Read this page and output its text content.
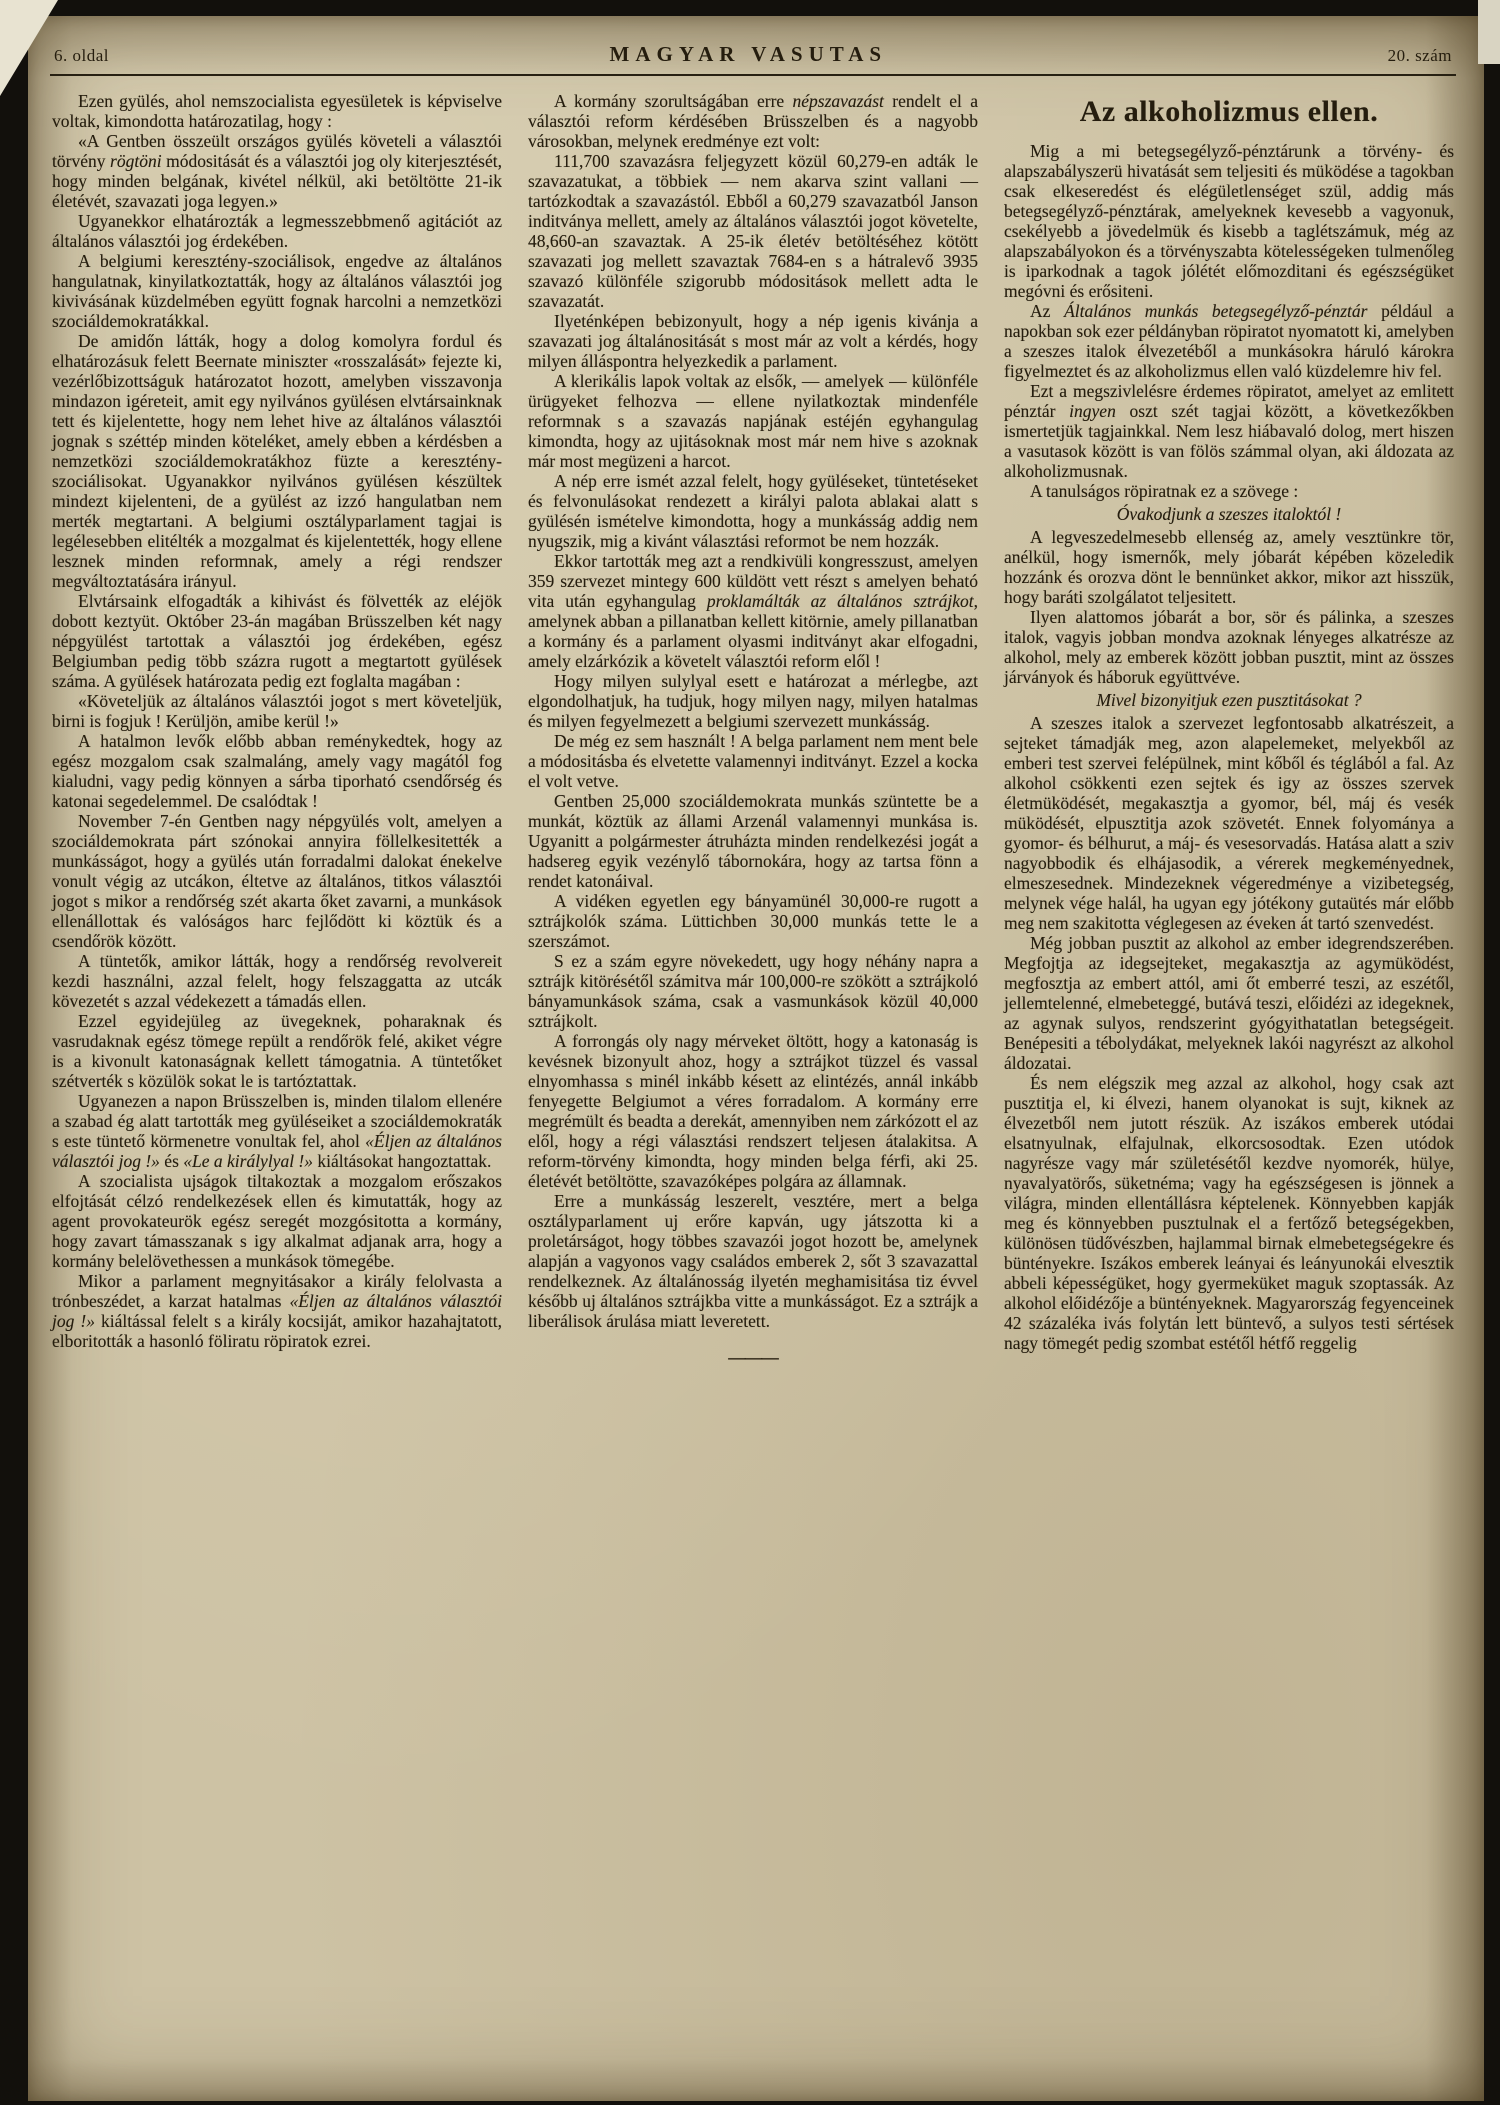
6. oldal	MAGYAR VASUTAS	20. szám

Ezen gyülés, ahol nemszocialista egyesületek is képviselve voltak, kimondotta határozatilag, hogy :

«A Gentben összeült országos gyülés követeli a választói törvény rögtöni módositását és a választói jog oly kiterjesztését, hogy minden belgának, kivétel nélkül, aki betöltötte 21-ik életévét, szavazati joga legyen.»

Ugyanekkor elhatározták a legmesszebbmenő agitációt az általános választói jog érdekében.

A belgiumi keresztény-szociálisok, engedve az általános hangulatnak, kinyilatkoztatták, hogy az általános választói jog kivivásának küzdelmében együtt fognak harcolni a nemzetközi szociáldemokratákkal.

De amidőn látták, hogy a dolog komolyra fordul és elhatározásuk felett Beernate miniszter «rosszalását» fejezte ki, vezérlőbizottságuk határozatot hozott, amelyben visszavonja mindazon igéreteit, amit egy nyilvános gyülésen elvtársainknak tett és kijelentette, hogy nem lehet hive az általános választói jognak s széttép minden köteléket, amely ebben a kérdésben a nemzetközi szociáldemokratákhoz füzte a keresztény-szociálisokat. Ugyanakkor nyilvános gyülésen készültek mindezt kijelenteni, de a gyülést az izzó hangulatban nem merték megtartani. A belgiumi osztályparlament tagjai is legélesebben elitélték a mozgalmat és kijelentették, hogy ellene lesznek minden reformnak, amely a régi rendszer megváltoztatására irányul.

Elvtársaink elfogadták a kihivást és fölvették az eléjök dobott keztyüt. Október 23-án magában Brüsszelben két nagy népgyülést tartottak a választói jog érdekében, egész Belgiumban pedig több százra rugott a megtartott gyülések száma. A gyülések határozata pedig ezt foglalta magában :

«Követeljük az általános választói jogot s mert követeljük, birni is fogjuk ! Kerüljön, amibe kerül !»

A hatalmon levők előbb abban reménykedtek, hogy az egész mozgalom csak szalmaláng, amely vagy magától fog kialudni, vagy pedig könnyen a sárba tiporható csendőrség és katonai segedelemmel. De csalódtak !

November 7-én Gentben nagy népgyülés volt, amelyen a szociáldemokrata párt szónokai annyira föllelkesitették a munkásságot, hogy a gyülés után forradalmi dalokat énekelve vonult végig az utcákon, éltetve az általános, titkos választói jogot s mikor a rendőrség szét akarta őket zavarni, a munkások ellenállottak és valóságos harc fejlődött ki köztük és a csendőrök között.

A tüntetők, amikor látták, hogy a rendőrség revolvereit kezdi használni, azzal felelt, hogy felszaggatta az utcák kövezetét s azzal védekezett a támadás ellen.

Ezzel egyidejüleg az üvegeknek, poharaknak és vasrudaknak egész tömege repült a rendőrök felé, akiket végre is a kivonult katonaságnak kellett támogatnia. A tüntetőket szétverték s közülök sokat le is tartóztattak.

Ugyanezen a napon Brüsszelben is, minden tilalom ellenére a szabad ég alatt tartották meg gyüléseiket a szociáldemokraták s este tüntető körmenetre vonultak fel, ahol «Éljen az általános választói jog !» és «Le a királylyal !» kiáltásokat hangoztattak.

A szocialista ujságok tiltakoztak a mozgalom erőszakos elfojtását célzó rendelkezések ellen és kimutatták, hogy az agent provokateurök egész seregét mozgósitotta a kormány, hogy zavart támasszanak s igy alkalmat adjanak arra, hogy a kormány belelövethessen a munkások tömegébe.

Mikor a parlament megnyitásakor a király felolvasta a trónbeszédet, a karzat hatalmas «Éljen az általános választói jog !» kiáltással felelt s a király kocsiját, amikor hazahajtatott, elboritották a hasonló föliratu röpiratok ezrei.

A kormány szorultságában erre népszavazást rendelt el a választói reform kérdésében Brüsszelben és a nagyobb városokban, melynek eredménye ezt volt:

111,700 szavazásra feljegyzett közül 60,279-en adták le szavazatukat, a többiek — nem akarva szint vallani — tartózkodtak a szavazástól. Ebből a 60,279 szavazatból Janson inditványa mellett, amely az általános választói jogot követelte, 48,660-an szavaztak. A 25-ik életév betöltéséhez kötött szavazati jog mellett szavaztak 7684-en s a hátralevő 3935 szavazó különféle szigorubb módositások mellett adta le szavazatát.

Ilyeténképen bebizonyult, hogy a nép igenis kivánja a szavazati jog általánositását s most már az volt a kérdés, hogy milyen álláspontra helyezkedik a parlament.

A klerikális lapok voltak az elsők, — amelyek — különféle ürügyeket felhozva — ellene nyilatkoztak mindenféle reformnak s a szavazás napjának estéjén egyhangulag kimondta, hogy az ujitásoknak most már nem hive s azoknak már most megüzeni a harcot.

A nép erre ismét azzal felelt, hogy gyüléseket, tüntetéseket és felvonulásokat rendezett a királyi palota ablakai alatt s gyülésén ismételve kimondotta, hogy a munkásság addig nem nyugszik, mig a kivánt választási reformot be nem hozzák.

Ekkor tartották meg azt a rendkivüli kongresszust, amelyen 359 szervezet mintegy 600 küldött vett részt s amelyen beható vita után egyhangulag proklamálták az általános sztrájkot, amelynek abban a pillanatban kellett kitörnie, amely pillanatban a kormány és a parlament olyasmi inditványt akar elfogadni, amely elzárkózik a követelt választói reform elől !

Hogy milyen sulylyal esett e határozat a mérlegbe, azt elgondolhatjuk, ha tudjuk, hogy milyen nagy, milyen hatalmas és milyen fegyelmezett a belgiumi szervezett munkásság.

De még ez sem használt ! A belga parlament nem ment bele a módositásba és elvetette valamennyi inditványt. Ezzel a kocka el volt vetve.

Gentben 25,000 szociáldemokrata munkás szüntette be a munkát, köztük az állami Arzenál valamennyi munkása is. Ugyanitt a polgármester átruházta minden rendelkezési jogát a hadsereg egyik vezénylő tábornokára, hogy az tartsa fönn a rendet katonáival.

A vidéken egyetlen egy bányamünél 30,000-re rugott a sztrájkolók száma. Lüttichben 30,000 munkás tette le a szerszámot.

S ez a szám egyre növekedett, ugy hogy néhány napra a sztrájk kitörésétől számitva már 100,000-re szökött a sztrájkoló bányamunkások száma, csak a vasmunkások közül 40,000 sztrájkolt.

A forrongás oly nagy mérveket öltött, hogy a katonaság is kevésnek bizonyult ahoz, hogy a sztrájkot tüzzel és vassal elnyomhassa s minél inkább késett az elintézés, annál inkább fenyegette Belgiumot a véres forradalom. A kormány erre megrémült és beadta a derekát, amennyiben nem zárkózott el az elől, hogy a régi választási rendszert teljesen átalakitsa. A reform-törvény kimondta, hogy minden belga férfi, aki 25. életévét betöltötte, szavazóképes polgára az államnak.

Erre a munkásság leszerelt, vesztére, mert a belga osztályparlament uj erőre kapván, ugy játszotta ki a proletárságot, hogy többes szavazói jogot hozott be, amelynek alapján a vagyonos vagy családos emberek 2, sőt 3 szavazattal rendelkeznek. Az általánosság ilyetén meghamisitása tiz évvel később uj általános sztrájkba vitte a munkásságot. Ez a sztrájk a liberálisok árulása miatt leveretett.

———

Az alkoholizmus ellen.

Mig a mi betegsegélyző-pénztárunk a törvény- és alapszabályszerü hivatását sem teljesiti és müködése a tagokban csak elkeseredést és elégületlenséget szül, addig más betegsegélyző-pénztárak, amelyeknek kevesebb a vagyonuk, csekélyebb a jövedelmük és kisebb a taglétszámuk, még az alapszabályokon és a törvényszabta kötelességeken tulmenőleg is iparkodnak a tagok jólétét előmozditani és egészségüket megóvni és erősiteni.

Az Általános munkás betegsegélyző-pénztár például a napokban sok ezer példányban röpiratot nyomatott ki, amelyben a szeszes italok élvezetéből a munkásokra háruló károkra figyelmeztet és az alkoholizmus ellen való küzdelemre hiv fel.

Ezt a megszivlelésre érdemes röpiratot, amelyet az emlitett pénztár ingyen oszt szét tagjai között, a következőkben ismertetjük tagjainkkal. Nem lesz hiábavaló dolog, mert hiszen a vasutasok között is van fölös számmal olyan, aki áldozata az alkoholizmusnak.

A tanulságos röpiratnak ez a szövege :

Óvakodjunk a szeszes italoktól !

A legveszedelmesebb ellenség az, amely vesztünkre tör, anélkül, hogy ismernők, mely jóbarát képében közeledik hozzánk és orozva dönt le bennünket akkor, mikor azt hisszük, hogy baráti szolgálatot teljesitett.

Ilyen alattomos jóbarát a bor, sör és pálinka, a szeszes italok, vagyis jobban mondva azoknak lényeges alkatrésze az alkohol, mely az emberek között jobban pusztit, mint az összes járványok és háboruk együttvéve.

Mivel bizonyitjuk ezen pusztitásokat ?

A szeszes italok a szervezet legfontosabb alkatrészeit, a sejteket támadják meg, azon alapelemeket, melyekből az emberi test szervei felépülnek, mint kőből és téglából a fal. Az alkohol csökkenti ezen sejtek és igy az összes szervek életmüködését, megakasztja a gyomor, bél, máj és vesék müködését, elpusztitja azok szövetét. Ennek folyománya a gyomor- és bélhurut, a máj- és vesesorvadás. Hatása alatt a sziv nagyobbodik és elhájasodik, a vérerek megkeményednek, elmeszesednek. Mindezeknek végeredménye a vizibetegség, melynek vége halál, ha ugyan egy jótékony gutaütés már előbb meg nem szakitotta véglegesen az éveken át tartó szenvedést.

Még jobban pusztit az alkohol az ember idegrendszerében. Megfojtja az idegsejteket, megakasztja az agymüködést, megfosztja az embert attól, ami őt emberré teszi, az eszétől, jellemtelenné, elmebeteggé, butává teszi, előidézi az idegeknek, az agynak sulyos, rendszerint gyógyithatatlan betegségeit. Benépesiti a tébolydákat, melyeknek lakói nagyrészt az alkohol áldozatai.

És nem elégszik meg azzal az alkohol, hogy csak azt pusztitja el, ki élvezi, hanem olyanokat is sujt, kiknek az élvezetből nem jutott részük. Az iszákos emberek utódai elsatnyulnak, elfajulnak, elkorcsosodtak. Ezen utódok nagyrésze vagy már születésétől kezdve nyomorék, hülye, nyavalyatörős, süketnéma; vagy ha egészségesen is jönnek a világra, minden ellentállásra képtelenek. Könnyebben kapják meg és könnyebben pusztulnak el a fertőző betegségekben, különösen tüdővészben, hajlammal birnak elmebetegségekre és büntényekre. Iszákos emberek leányai és leányunokái elvesztik abbeli képességüket, hogy gyermeküket maguk szoptassák. Az alkohol előidézője a büntényeknek. Magyarország fegyenceinek 42 százaléka ivás folytán lett büntevő, a sulyos testi sértések nagy tömegét pedig szombat estétől hétfő reggelig
